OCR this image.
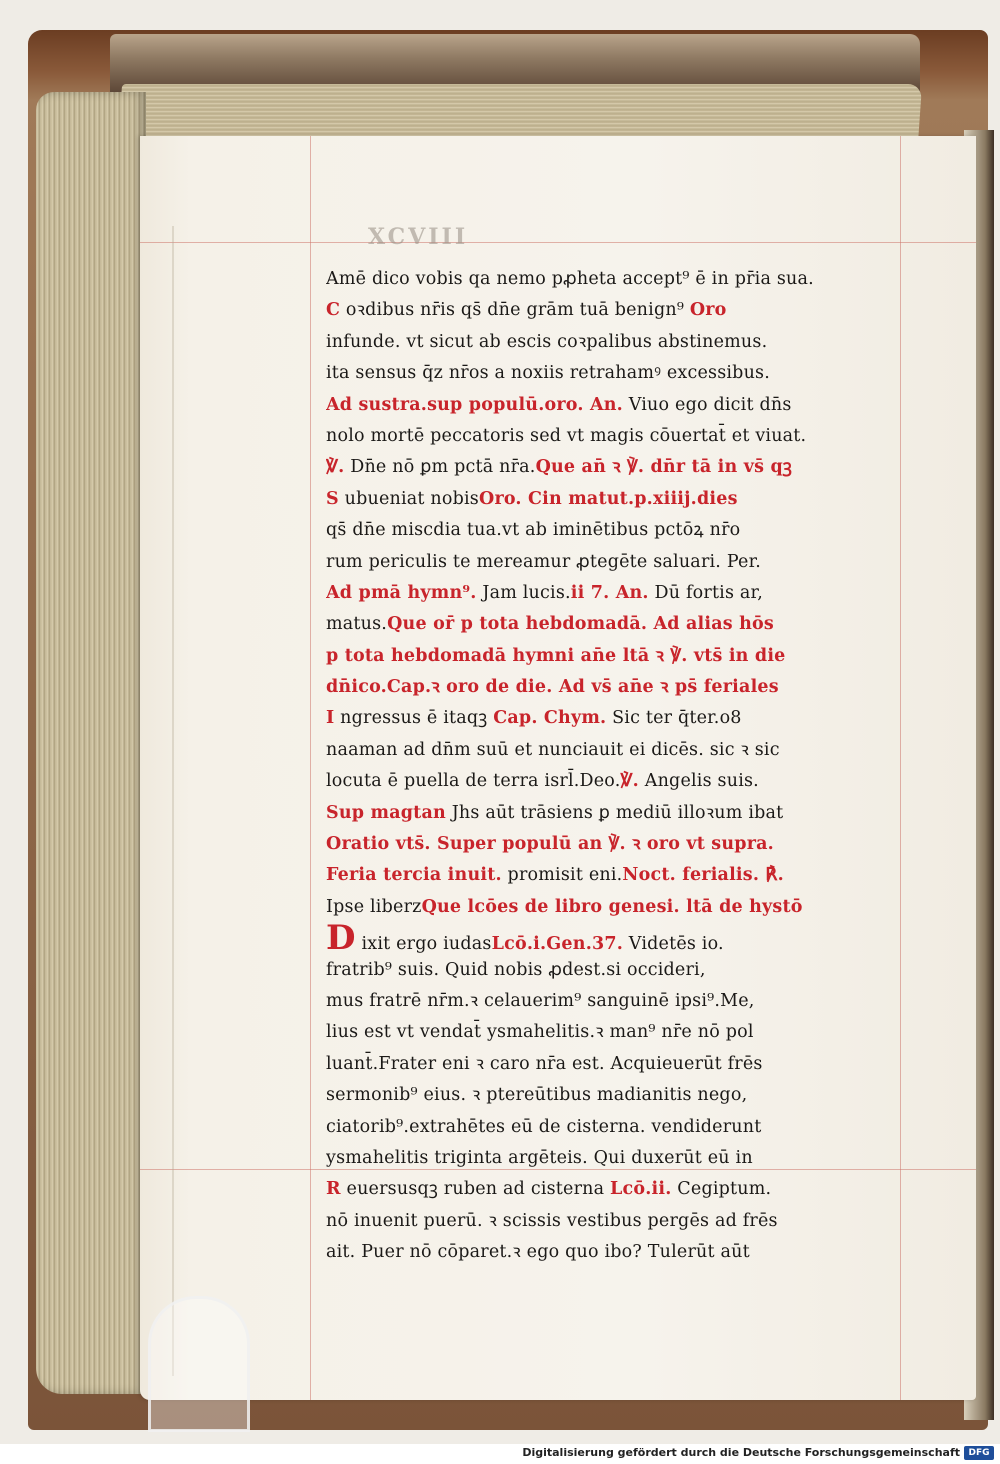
XCVIII
Amē dico vobis qa nemo pꝓheta accept⁹ ē in pr̄ia sua.
C oꝛdibus nr̄is qs̄ dn̄e grām tuā benign⁹ Oro
infunde. vt sicut ab escis coꝛpalibus abstinemus.
ita sensus q̄z nr̄os a noxiis retrahamꝰ excessibus.
Ad sustra.sup populū.oro. An. Viuo ego dicit dn̄s
nolo mortē peccatoris sed vt magis cōuertat̄ et viuat.
℣. Dn̄e nō ꝑm pctā nr̄a.Que an̄ ꝛ ℣. dn̄r tā in vs̄ qꝫ
S ubueniat nobisOro. Cin matut.p.xiiij.dies
qs̄ dn̄e miscdia tua.vt ab iminētibus pctōꝝ nr̄o
rum periculis te mereamur ꝓtegēte saluari. Per.
Ad pmā hymn⁹. Jam lucis.ii 7. An. Dū fortis ar,
matus.Que or̄ p tota hebdomadā. Ad alias hōs
p tota hebdomadā hymni an̄e ltā ꝛ ℣. vts̄ in die
dn̄ico.Cap.ꝛ oro de die. Ad vs̄ an̄e ꝛ ps̄ feriales
I ngressus ē itaqꝫ Cap. Chym. Sic ter q̄ter.o8
naaman ad dn̄m suū et nunciauit ei dicēs. sic ꝛ sic
locuta ē puella de terra isrl̄.Deo.℣. Angelis suis.
Sup magtan Jhs aūt trāsiens ꝑ mediū illoꝛum ibat
Oratio vts̄. Super populū an ℣. ꝛ oro vt supra.
Feria tercia inuit. promisit eni.Noct. ferialis. ℟.
Ipse liberzQue lcōes de libro genesi. ltā de hystō
D ixit ergo iudasLcō.i.Gen.37. Videtēs io.
fratrib⁹ suis. Quid nobis ꝓdest.si occideri,
mus fratrē nr̄m.ꝛ celauerim⁹ sanguinē ipsi⁹.Me,
lius est vt vendat̄ ysmahelitis.ꝛ man⁹ nr̄e nō pol
luant̄.Frater eni ꝛ caro nr̄a est. Acquieuerūt frēs
sermonib⁹ eius. ꝛ ptereūtibus madianitis nego,
ciatorib⁹.extrahētes eū de cisterna. vendiderunt
ysmahelitis triginta argēteis. Qui duxerūt eū in
R euersusqꝫ ruben ad cisterna Lcō.ii. Cegiptum.
nō inuenit puerū. ꝛ scissis vestibus pergēs ad frēs
ait. Puer nō cōparet.ꝛ ego quo ibo? Tulerūt aūt
Digitalisierung gefördert durch die Deutsche Forschungsgemeinschaft DFG
